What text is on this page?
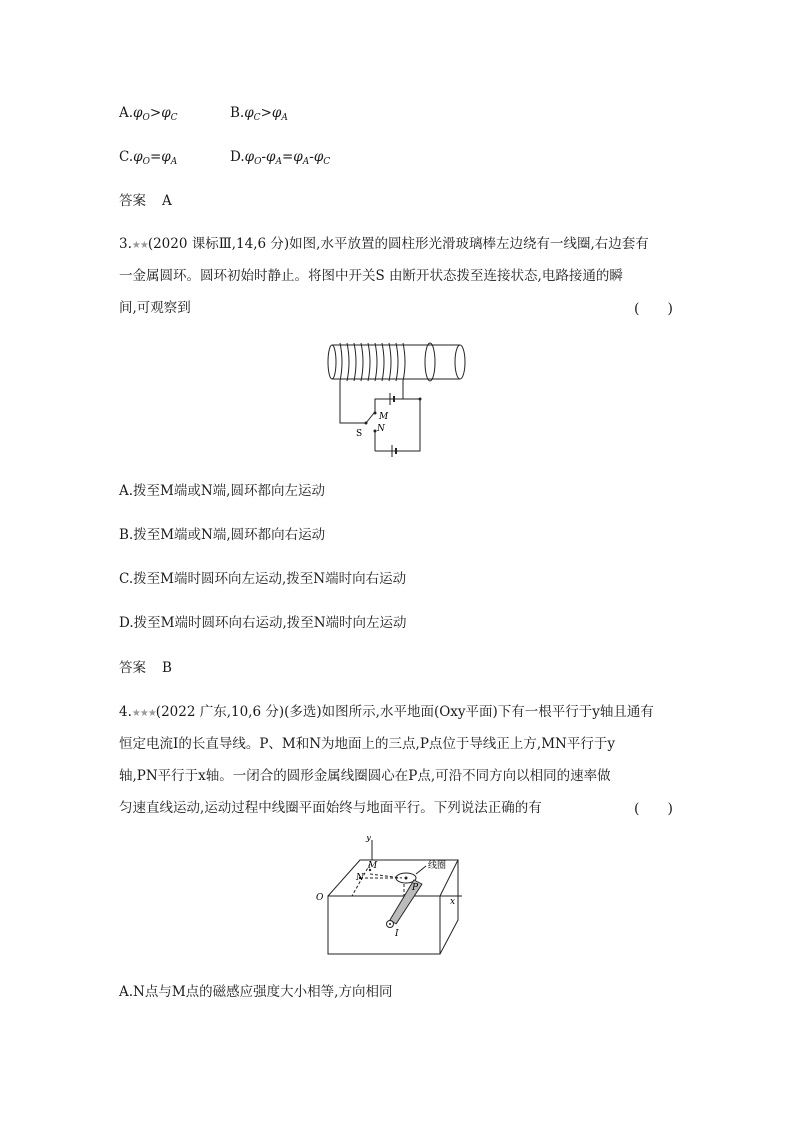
$A.\varphi_O>\varphi_C$	$B.\varphi_C>\varphi_A$
$C.\varphi_O=\varphi_A$	$D.\varphi_O-\varphi_A=\varphi_A-\varphi_C$
答案 A
3.★★(2020 课标Ⅲ,14,6 分)如图,水平放置的圆柱形光滑玻璃棒左边绕有一线圈,右边套有
一金属圆环。圆环初始时静止。将图中开关S 由断开状态拨至连接状态,电路接通的瞬
间,可观察到	(　　)
M
N
S
A.拨至M端或N端,圆环都向左运动
B.拨至M端或N端,圆环都向右运动
C.拨至M端时圆环向左运动,拨至N端时向右运动
D.拨至M端时圆环向右运动,拨至N端时向左运动
答案 B
4.★★★(2022 广东,10,6 分)(多选)如图所示,水平地面(Oxy平面)下有一根平行于y轴且通有
恒定电流I的长直导线。P、M和N为地面上的三点,P点位于导线正上方,MN平行于y
轴,PN平行于x轴。一闭合的圆形金属线圈圆心在P点,可沿不同方向以相同的速率做
匀速直线运动,运动过程中线圈平面始终与地面平行。下列说法正确的有	(　　)
y
M
N
P
线圈
O	x
I
A.N点与M点的磁感应强度大小相等,方向相同
